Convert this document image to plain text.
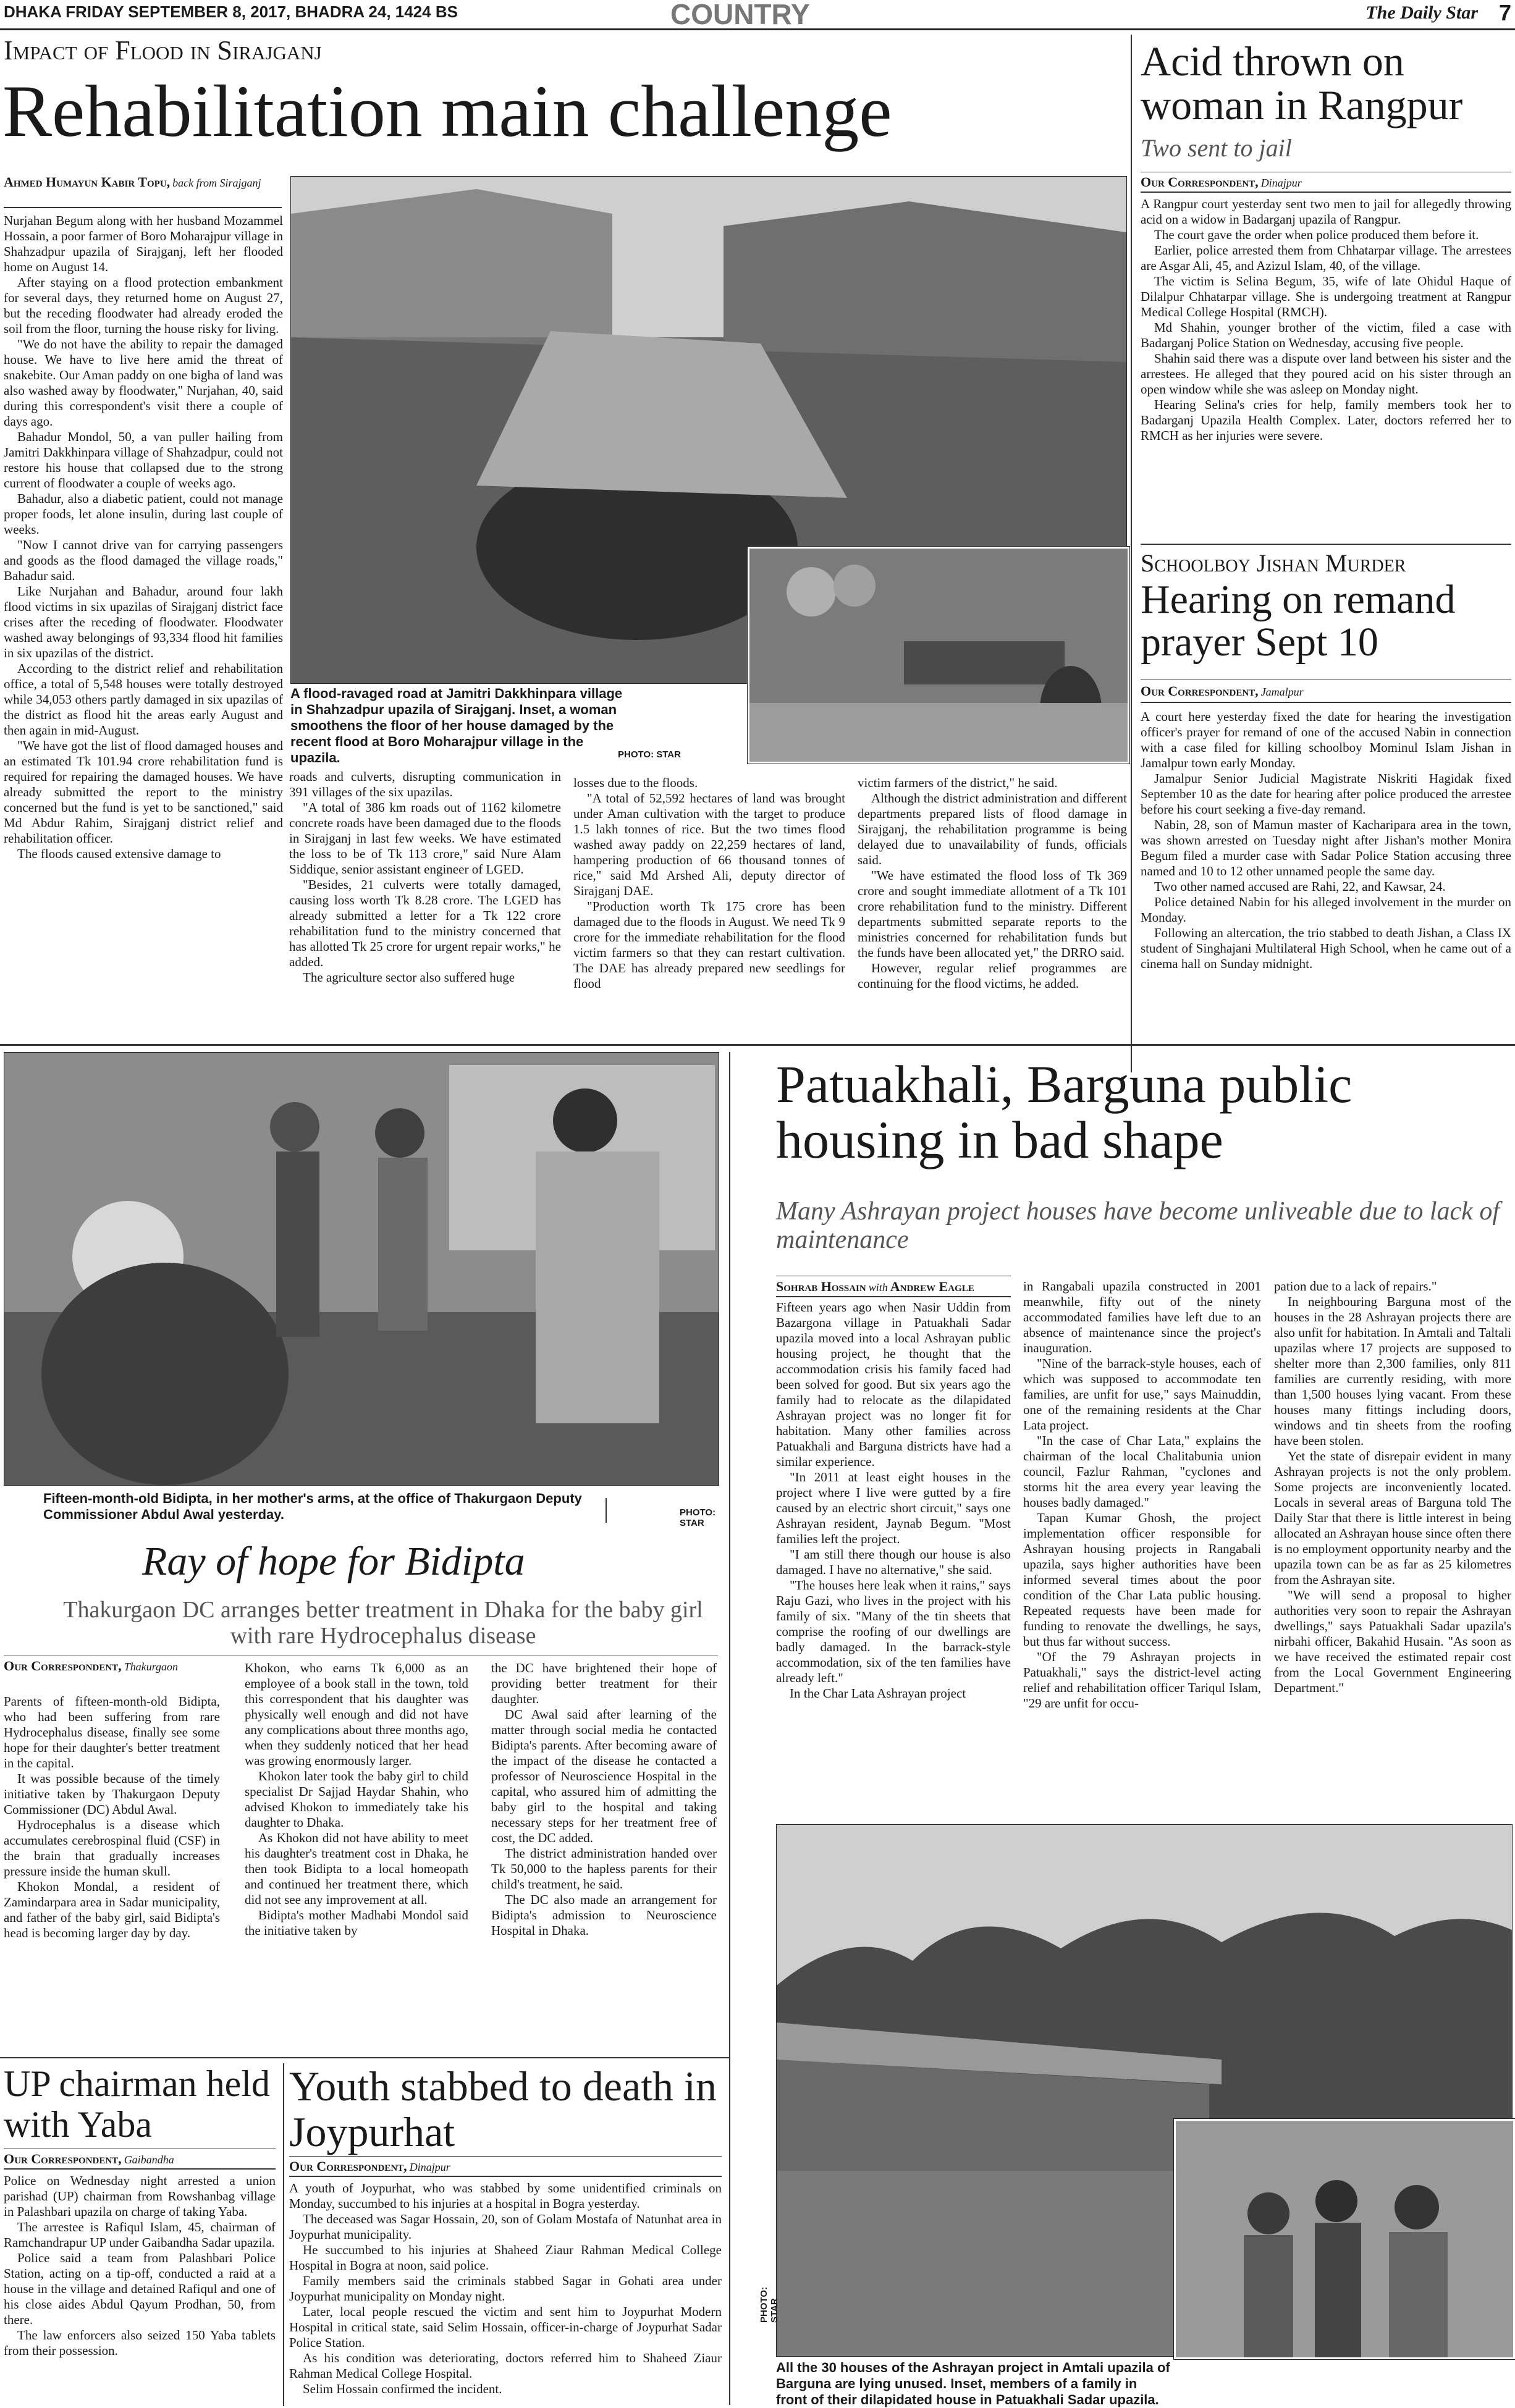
DHAKA FRIDAY SEPTEMBER 8, 2017, BHADRA 24, 1424 BS	COUNTRY	The Daily Star 7
Impact of Flood in Sirajganj
Rehabilitation main challenge
Ahmed Humayun Kabir Topu, back from Sirajganj

Nurjahan Begum along with her husband Mozammel Hossain, a poor farmer of Boro Moharajpur village in Shahzadpur upazila of Sirajganj, left her flooded home on August 14.

After staying on a flood protection embankment for several days, they returned home on August 27, but the receding floodwater had already eroded the soil from the floor, turning the house risky for living.

"We do not have the ability to repair the damaged house. We have to live here amid the threat of snakebite. Our Aman paddy on one bigha of land was also washed away by floodwater," Nurjahan, 40, said during this correspondent's visit there a couple of days ago.

Bahadur Mondol, 50, a van puller hailing from Jamitri Dakkhinpara village of Shahzadpur, could not restore his house that collapsed due to the strong current of floodwater a couple of weeks ago.

Bahadur, also a diabetic patient, could not manage proper foods, let alone insulin, during last couple of weeks.

"Now I cannot drive van for carrying passengers and goods as the flood damaged the village roads," Bahadur said.

Like Nurjahan and Bahadur, around four lakh flood victims in six upazilas of Sirajganj district face crises after the receding of floodwater. Floodwater washed away belongings of 93,334 flood hit families in six upazilas of the district.

According to the district relief and rehabilitation office, a total of 5,548 houses were totally destroyed while 34,053 others partly damaged in six upazilas of the district as flood hit the areas early August and then again in mid-August.

"We have got the list of flood damaged houses and an estimated Tk 101.94 crore rehabilitation fund is required for repairing the damaged houses. We have already submitted the report to the ministry concerned but the fund is yet to be sanctioned," said Md Abdur Rahim, Sirajganj district relief and rehabilitation officer.

The floods caused extensive damage to

A flood-ravaged road at Jamitri Dakkhinpara village in Shahzadpur upazila of Sirajganj. Inset, a woman smoothens the floor of her house damaged by the recent flood at Boro Moharajpur village in the upazila.	PHOTO: STAR

roads and culverts, disrupting communication in 391 villages of the six upazilas.

"A total of 386 km roads out of 1162 kilometre concrete roads have been damaged due to the floods in Sirajganj in last few weeks. We have estimated the loss to be of Tk 113 crore," said Nure Alam Siddique, senior assistant engineer of LGED.

"Besides, 21 culverts were totally damaged, causing loss worth Tk 8.28 crore. The LGED has already submitted a letter for a Tk 122 crore rehabilitation fund to the ministry concerned that has allotted Tk 25 crore for urgent repair works," he added.

The agriculture sector also suffered huge

losses due to the floods.

"A total of 52,592 hectares of land was brought under Aman cultivation with the target to produce 1.5 lakh tonnes of rice. But the two times flood washed away paddy on 22,259 hectares of land, hampering production of 66 thousand tonnes of rice," said Md Arshed Ali, deputy director of Sirajganj DAE.

"Production worth Tk 175 crore has been damaged due to the floods in August. We need Tk 9 crore for the immediate rehabilitation for the flood victim farmers so that they can restart cultivation. The DAE has already prepared new seedlings for flood

victim farmers of the district," he said.

Although the district administration and different departments prepared lists of flood damage in Sirajganj, the rehabilitation programme is being delayed due to unavailability of funds, officials said.

"We have estimated the flood loss of Tk 369 crore and sought immediate allotment of a Tk 101 crore rehabilitation fund to the ministry. Different departments submitted separate reports to the ministries concerned for rehabilitation funds but the funds have been allocated yet," the DRRO said.

However, regular relief programmes are continuing for the flood victims, he added.

Acid thrown on woman in Rangpur
Two sent to jail
Our Correspondent, Dinajpur

A Rangpur court yesterday sent two men to jail for allegedly throwing acid on a widow in Badarganj upazila of Rangpur.

The court gave the order when police produced them before it.

Earlier, police arrested them from Chhatarpar village. The arrestees are Asgar Ali, 45, and Azizul Islam, 40, of the village.

The victim is Selina Begum, 35, wife of late Ohidul Haque of Dilalpur Chhatarpar village. She is undergoing treatment at Rangpur Medical College Hospital (RMCH).

Md Shahin, younger brother of the victim, filed a case with Badarganj Police Station on Wednesday, accusing five people.

Shahin said there was a dispute over land between his sister and the arrestees. He alleged that they poured acid on his sister through an open window while she was asleep on Monday night.

Hearing Selina's cries for help, family members took her to Badarganj Upazila Health Complex. Later, doctors referred her to RMCH as her injuries were severe.

Schoolboy Jishan Murder
Hearing on remand prayer Sept 10
Our Correspondent, Jamalpur

A court here yesterday fixed the date for hearing the investigation officer's prayer for remand of one of the accused Nabin in connection with a case filed for killing schoolboy Mominul Islam Jishan in Jamalpur town early Monday.

Jamalpur Senior Judicial Magistrate Niskriti Hagidak fixed September 10 as the date for hearing after police produced the arrestee before his court seeking a five-day remand.

Nabin, 28, son of Mamun master of Kacharipara area in the town, was shown arrested on Tuesday night after Jishan's mother Monira Begum filed a murder case with Sadar Police Station accusing three named and 10 to 12 other unnamed people the same day.

Two other named accused are Rahi, 22, and Kawsar, 24.

Police detained Nabin for his alleged involvement in the murder on Monday.

Following an altercation, the trio stabbed to death Jishan, a Class IX student of Singhajani Multilateral High School, when he came out of a cinema hall on Sunday midnight.

Fifteen-month-old Bidipta, in her mother's arms, at the office of Thakurgaon Deputy Commissioner Abdul Awal yesterday.	PHOTO: STAR
Ray of hope for Bidipta
Thakurgaon DC arranges better treatment in Dhaka for the baby girl with rare Hydrocephalus disease
Our Correspondent, Thakurgaon

Parents of fifteen-month-old Bidipta, who had been suffering from rare Hydrocephalus disease, finally see some hope for their daughter's better treatment in the capital.

It was possible because of the timely initiative taken by Thakurgaon Deputy Commissioner (DC) Abdul Awal.

Hydrocephalus is a disease which accumulates cerebrospinal fluid (CSF) in the brain that gradually increases pressure inside the human skull.

Khokon Mondal, a resident of Zamindarpara area in Sadar municipality, and father of the baby girl, said Bidipta's head is becoming larger day by day.

Khokon, who earns Tk 6,000 as an employee of a book stall in the town, told this correspondent that his daughter was physically well enough and did not have any complications about three months ago, when they suddenly noticed that her head was growing enormously larger.

Khokon later took the baby girl to child specialist Dr Sajjad Haydar Shahin, who advised Khokon to immediately take his daughter to Dhaka.

As Khokon did not have ability to meet his daughter's treatment cost in Dhaka, he then took Bidipta to a local homeopath and continued her treatment there, which did not see any improvement at all.

Bidipta's mother Madhabi Mondol said the initiative taken by

the DC have brightened their hope of providing better treatment for their daughter.

DC Awal said after learning of the matter through social media he contacted Bidipta's parents. After becoming aware of the impact of the disease he contacted a professor of Neuroscience Hospital in the capital, who assured him of admitting the baby girl to the hospital and taking necessary steps for her treatment free of cost, the DC added.

The district administration handed over Tk 50,000 to the hapless parents for their child's treatment, he said.

The DC also made an arrangement for Bidipta's admission to Neuroscience Hospital in Dhaka.

Patuakhali, Barguna public housing in bad shape
Many Ashrayan project houses have become unliveable due to lack of maintenance
Sohrab Hossain with Andrew Eagle

Fifteen years ago when Nasir Uddin from Bazargona village in Patuakhali Sadar upazila moved into a local Ashrayan public housing project, he thought that the accommodation crisis his family faced had been solved for good. But six years ago the family had to relocate as the dilapidated Ashrayan project was no longer fit for habitation. Many other families across Patuakhali and Barguna districts have had a similar experience.

"In 2011 at least eight houses in the project where I live were gutted by a fire caused by an electric short circuit," says one Ashrayan resident, Jaynab Begum. "Most families left the project.

"I am still there though our house is also damaged. I have no alternative," she said.

"The houses here leak when it rains," says Raju Gazi, who lives in the project with his family of six. "Many of the tin sheets that comprise the roofing of our dwellings are badly damaged. In the barrack-style accommodation, six of the ten families have already left."

In the Char Lata Ashrayan project

in Rangabali upazila constructed in 2001 meanwhile, fifty out of the ninety accommodated families have left due to an absence of maintenance since the project's inauguration.

"Nine of the barrack-style houses, each of which was supposed to accommodate ten families, are unfit for use," says Mainuddin, one of the remaining residents at the Char Lata project.

"In the case of Char Lata," explains the chairman of the local Chalitabunia union council, Fazlur Rahman, "cyclones and storms hit the area every year leaving the houses badly damaged."

Tapan Kumar Ghosh, the project implementation officer responsible for Ashrayan housing projects in Rangabali upazila, says higher authorities have been informed several times about the poor condition of the Char Lata public housing. Repeated requests have been made for funding to renovate the dwellings, he says, but thus far without success.

"Of the 79 Ashrayan projects in Patuakhali," says the district-level acting relief and rehabilitation officer Tariqul Islam, "29 are unfit for occu-

pation due to a lack of repairs."

In neighbouring Barguna most of the houses in the 28 Ashrayan projects there are also unfit for habitation. In Amtali and Taltali upazilas where 17 projects are supposed to shelter more than 2,300 families, only 811 families are currently residing, with more than 1,500 houses lying vacant. From these houses many fittings including doors, windows and tin sheets from the roofing have been stolen.

Yet the state of disrepair evident in many Ashrayan projects is not the only problem. Some projects are inconveniently located. Locals in several areas of Barguna told The Daily Star that there is little interest in being allocated an Ashrayan house since often there is no employment opportunity nearby and the upazila town can be as far as 25 kilometres from the Ashrayan site.

"We will send a proposal to higher authorities very soon to repair the Ashrayan dwellings," says Patuakhali Sadar upazila's nirbahi officer, Bakahid Husain. "As soon as we have received the estimated repair cost from the Local Government Engineering Department."

PHOTO: STAR
All the 30 houses of the Ashrayan project in Amtali upazila of Barguna are lying unused. Inset, members of a family in front of their dilapidated house in Patuakhali Sadar upazila.
UP chairman held with Yaba
Our Correspondent, Gaibandha

Police on Wednesday night arrested a union parishad (UP) chairman from Rowshanbag village in Palashbari upazila on charge of taking Yaba.

The arrestee is Rafiqul Islam, 45, chairman of Ramchandrapur UP under Gaibandha Sadar upazila.

Police said a team from Palashbari Police Station, acting on a tip-off, conducted a raid at a house in the village and detained Rafiqul and one of his close aides Abdul Qayum Prodhan, 50, from there.

The law enforcers also seized 150 Yaba tablets from their possession.

Youth stabbed to death in Joypurhat
Our Correspondent, Dinajpur

A youth of Joypurhat, who was stabbed by some unidentified criminals on Monday, succumbed to his injuries at a hospital in Bogra yesterday.

The deceased was Sagar Hossain, 20, son of Golam Mostafa of Natunhat area in Joypurhat municipality.

He succumbed to his injuries at Shaheed Ziaur Rahman Medical College Hospital in Bogra at noon, said police.

Family members said the criminals stabbed Sagar in Gohati area under Joypurhat municipality on Monday night.

Later, local people rescued the victim and sent him to Joypurhat Modern Hospital in critical state, said Selim Hossain, officer-in-charge of Joypurhat Sadar Police Station.

As his condition was deteriorating, doctors referred him to Shaheed Ziaur Rahman Medical College Hospital.

Selim Hossain confirmed the incident.
